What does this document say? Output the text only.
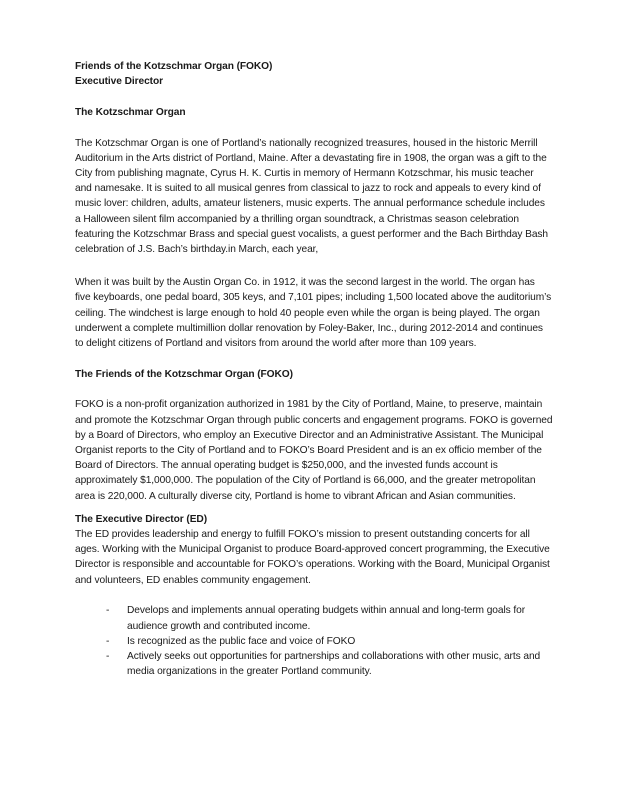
Friends of the Kotzschmar Organ (FOKO)
Executive Director
The Kotzschmar Organ

The Kotzschmar Organ is one of Portland’s nationally recognized treasures, housed in the historic Merrill Auditorium in the Arts district of Portland, Maine. After a devastating fire in 1908, the organ was a gift to the City from publishing magnate, Cyrus H. K. Curtis in memory of Hermann Kotzschmar, his music teacher and namesake. It is suited to all musical genres from classical to jazz to rock and appeals to every kind of music lover: children, adults, amateur listeners, music experts. The annual performance schedule includes a Halloween silent film accompanied by a thrilling organ soundtrack, a Christmas season celebration featuring the Kotzschmar Brass and special guest vocalists, a guest performer and the Bach Birthday Bash celebration of J.S. Bach’s birthday.in March, each year,

When it was built by the Austin Organ Co. in 1912, it was the second largest in the world. The organ has five keyboards, one pedal board, 305 keys, and 7,101 pipes; including 1,500 located above the auditorium’s ceiling. The windchest is large enough to hold 40 people even while the organ is being played. The organ underwent a complete multimillion dollar renovation by Foley-Baker, Inc., during 2012-2014 and continues to delight citizens of Portland and visitors from around the world after more than 109 years.

The Friends of the Kotzschmar Organ (FOKO)

FOKO is a non-profit organization authorized in 1981 by the City of Portland, Maine, to preserve, maintain and promote the Kotzschmar Organ through public concerts and engagement programs. FOKO is governed by a Board of Directors, who employ an Executive Director and an Administrative Assistant. The Municipal Organist reports to the City of Portland and to FOKO’s Board President and is an ex officio member of the Board of Directors. The annual operating budget is $250,000, and the invested funds account is approximately $1,000,000. The population of the City of Portland is 66,000, and the greater metropolitan area is 220,000. A culturally diverse city, Portland is home to vibrant African and Asian communities.

The Executive Director (ED)

The ED provides leadership and energy to fulfill FOKO’s mission to present outstanding concerts for all ages. Working with the Municipal Organist to produce Board-approved concert programming, the Executive Director is responsible and accountable for FOKO’s operations. Working with the Board, Municipal Organist and volunteers, ED enables community engagement.

- Develops and implements annual operating budgets within annual and long-term goals for audience growth and contributed income.
- Is recognized as the public face and voice of FOKO
- Actively seeks out opportunities for partnerships and collaborations with other music, arts and media organizations in the greater Portland community.
